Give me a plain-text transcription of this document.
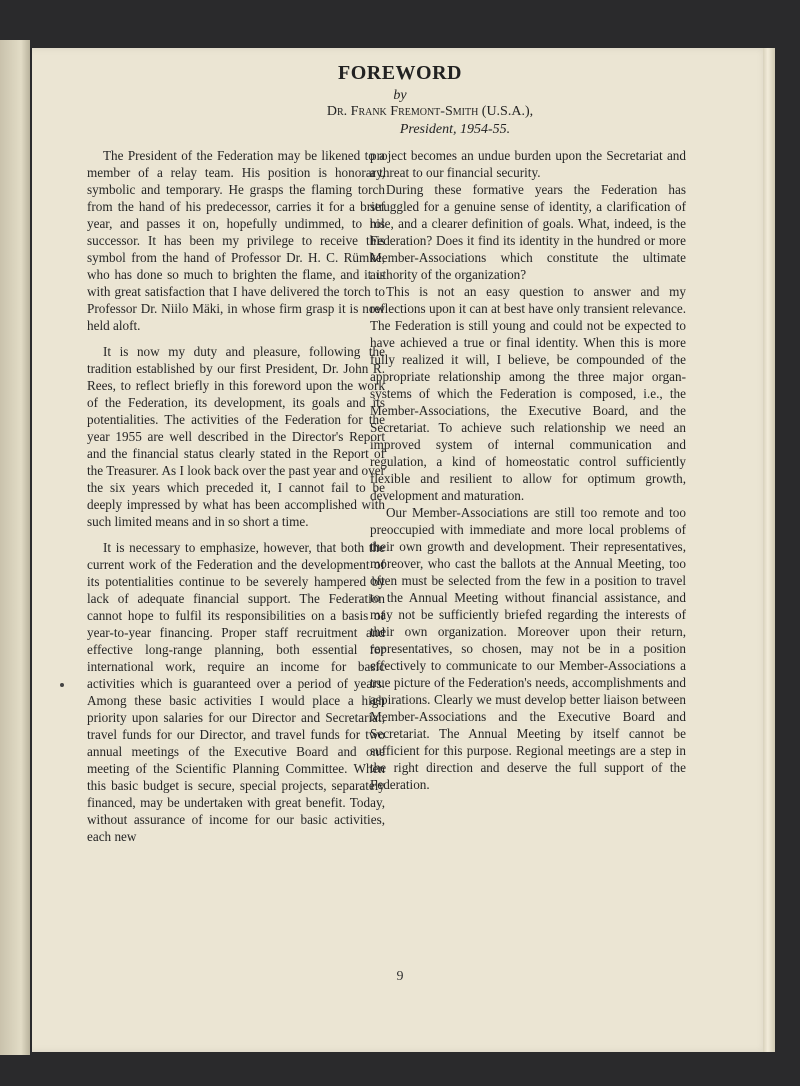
FOREWORD
by
Dr. Frank Fremont-Smith (U.S.A.),
President, 1954-55.

The President of the Federation may be likened to a member of a relay team. His position is honorary, symbolic and temporary. He grasps the flaming torch from the hand of his predecessor, carries it for a brief year, and passes it on, hopefully undimmed, to his successor. It has been my privilege to receive this symbol from the hand of Professor Dr. H. C. Rümke, who has done so much to brighten the flame, and it is with great satisfaction that I have delivered the torch to Professor Dr. Niilo Mäki, in whose firm grasp it is now held aloft.

It is now my duty and pleasure, following the tradition established by our first President, Dr. John R. Rees, to reflect briefly in this foreword upon the work of the Federation, its development, its goals and its potentialities. The activities of the Federation for the year 1955 are well described in the Director's Report and the financial status clearly stated in the Report of the Treasurer. As I look back over the past year and over the six years which preceded it, I cannot fail to be deeply impressed by what has been accomplished with such limited means and in so short a time.

It is necessary to emphasize, however, that both the current work of the Federation and the development of its potentialities continue to be severely hampered by lack of adequate financial support. The Federation cannot hope to fulfil its responsibilities on a basis of year-to-year financing. Proper staff recruitment and effective long-range planning, both essential for international work, require an income for basic activities which is guaranteed over a period of years. Among these basic activities I would place a high priority upon salaries for our Director and Secretariat, travel funds for our Director, and travel funds for two annual meetings of the Executive Board and one meeting of the Scientific Planning Committee. When this basic budget is secure, special projects, separately financed, may be undertaken with great benefit. Today, without assurance of income for our basic activities, each new

project becomes an undue burden upon the Secretariat and a threat to our financial security.

During these formative years the Federation has struggled for a genuine sense of identity, a clarification of role, and a clearer definition of goals. What, indeed, is the Federation? Does it find its identity in the hundred or more Member-Associations which constitute the ultimate authority of the organization?

This is not an easy question to answer and my reflections upon it can at best have only transient relevance. The Federation is still young and could not be expected to have achieved a true or final identity. When this is more fully realized it will, I believe, be compounded of the appropriate relationship among the three major organ-systems of which the Federation is composed, i.e., the Member-Associations, the Executive Board, and the Secretariat. To achieve such relationship we need an improved system of internal communication and regulation, a kind of homeostatic control sufficiently flexible and resilient to allow for optimum growth, development and maturation.

Our Member-Associations are still too remote and too preoccupied with immediate and more local problems of their own growth and development. Their representatives, moreover, who cast the ballots at the Annual Meeting, too often must be selected from the few in a position to travel to the Annual Meeting without financial assistance, and may not be sufficiently briefed regarding the interests of their own organization. Moreover upon their return, representatives, so chosen, may not be in a position effectively to communicate to our Member-Associations a true picture of the Federation's needs, accomplishments and aspirations. Clearly we must develop better liaison between Member-Associations and the Executive Board and Secretariat. The Annual Meeting by itself cannot be sufficient for this purpose. Regional meetings are a step in the right direction and deserve the full support of the Federation.

9
